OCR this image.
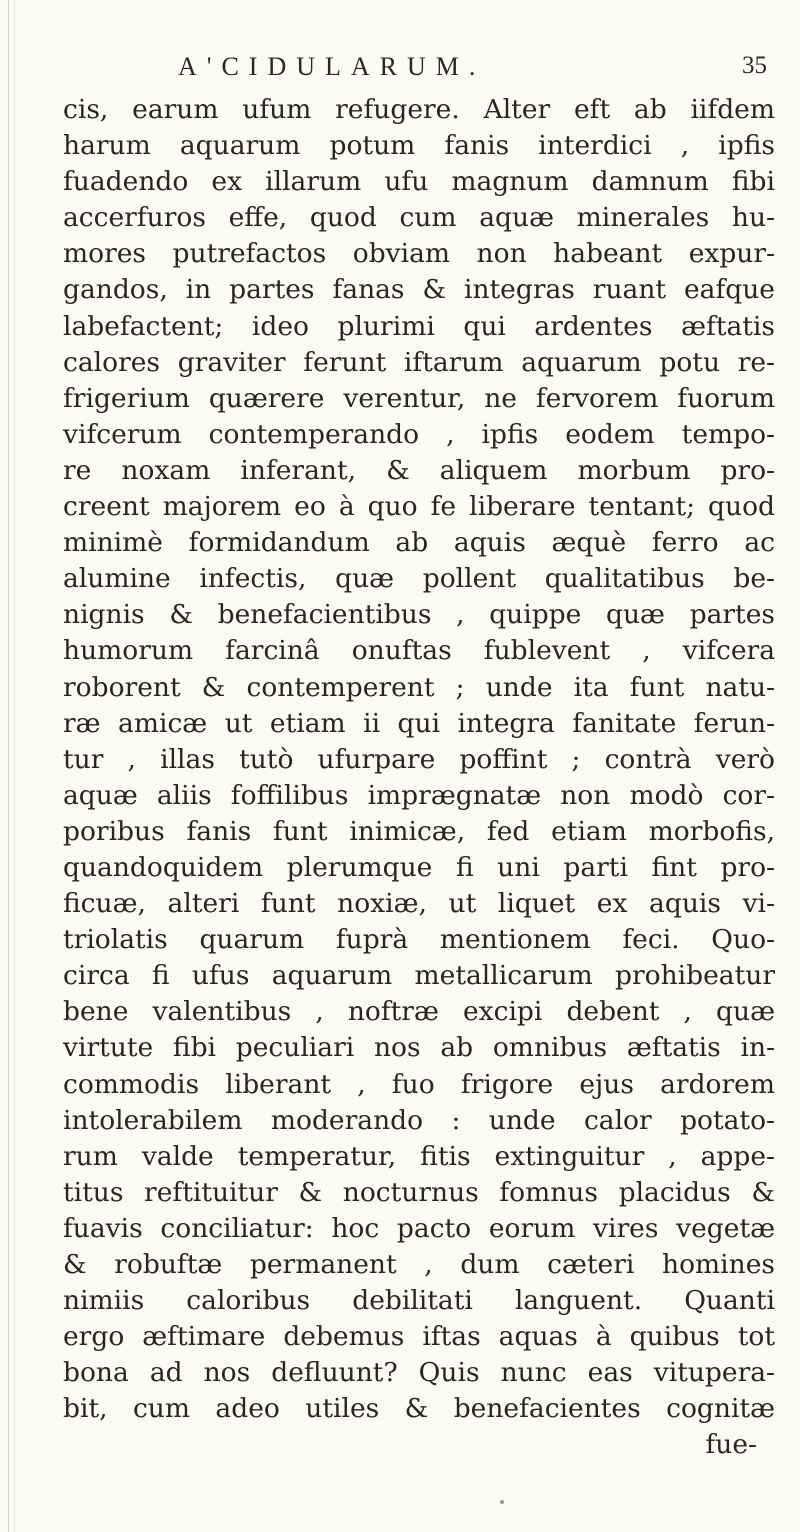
A'CIDULARUM.	35
cis, earum ufum refugere. Alter eft ab iifdem
harum aquarum potum fanis interdici , ipfis
fuadendo ex illarum ufu magnum damnum fibi
accerfuros effe, quod cum aquæ minerales hu-
mores putrefactos obviam non habeant expur-
gandos, in partes fanas & integras ruant eafque
labefactent; ideo plurimi qui ardentes æftatis
calores graviter ferunt iftarum aquarum potu re-
frigerium quærere verentur, ne fervorem fuorum
vifcerum contemperando , ipfis eodem tempo-
re noxam inferant, & aliquem morbum pro-
creent majorem eo à quo fe liberare tentant; quod
minimè formidandum ab aquis æquè ferro ac
alumine infectis, quæ pollent qualitatibus be-
nignis & benefacientibus , quippe quæ partes
humorum farcinâ onuftas fublevent , vifcera
roborent & contemperent ; unde ita funt natu-
ræ amicæ ut etiam ii qui integra fanitate ferun-
tur , illas tutò ufurpare poffint ; contrà verò
aquæ aliis foffilibus imprægnatæ non modò cor-
poribus fanis funt inimicæ, fed etiam morbofis,
quandoquidem plerumque fi uni parti fint pro-
ficuæ, alteri funt noxiæ, ut liquet ex aquis vi-
triolatis quarum fuprà mentionem feci. Quo-
circa fi ufus aquarum metallicarum prohibeatur
bene valentibus , noftræ excipi debent , quæ
virtute fibi peculiari nos ab omnibus æftatis in-
commodis liberant , fuo frigore ejus ardorem
intolerabilem moderando : unde calor potato-
rum valde temperatur, fitis extinguitur , appe-
titus reftituitur & nocturnus fomnus placidus &
fuavis conciliatur: hoc pacto eorum vires vegetæ
& robuftæ permanent , dum cæteri homines
nimiis caloribus debilitati languent. Quanti
ergo æftimare debemus iftas aquas à quibus tot
bona ad nos defluunt? Quis nunc eas vitupera-
bit, cum adeo utiles & benefacientes cognitæ
fue-
